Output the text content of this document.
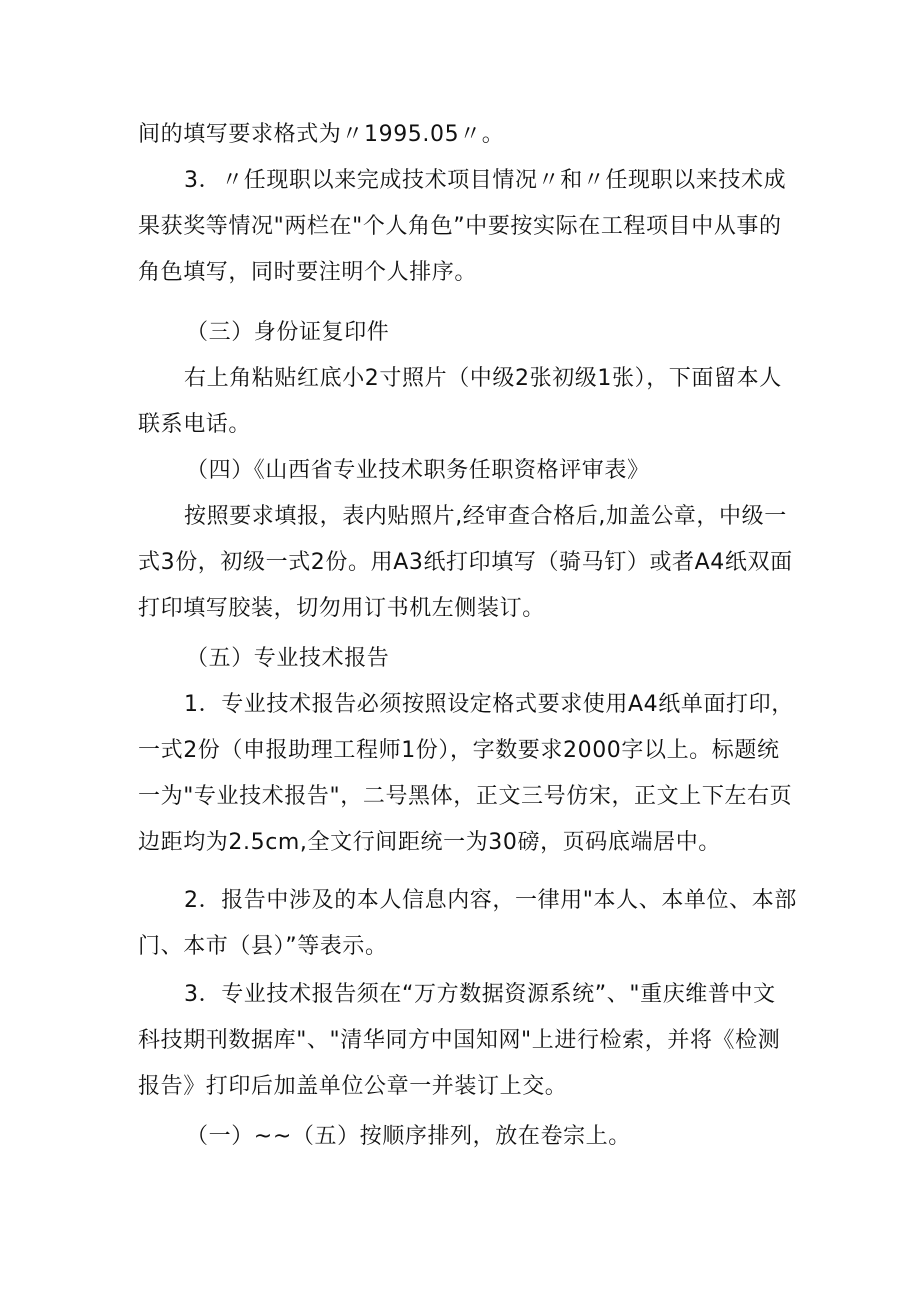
间的填写要求格式为〃1995.05〃。

3．〃任现职以来完成技术项目情况〃和〃任现职以来技术成果获奖等情况"两栏在"个人角色”中要按实际在工程项目中从事的角色填写，同时要注明个人排序。

（三）身份证复印件

右上角粘贴红底小2寸照片（中级2张初级1张），下面留本人联系电话。

（四）《山西省专业技术职务任职资格评审表》

按照要求填报，表内贴照片,经审查合格后,加盖公章，中级一式3份，初级一式2份。用A3纸打印填写（骑马钉）或者A4纸双面打印填写胶装，切勿用订书机左侧装订。

（五）专业技术报告

1．专业技术报告必须按照设定格式要求使用A4纸单面打印，一式2份（申报助理工程师1份），字数要求2000字以上。标题统一为"专业技术报告"，二号黑体，正文三号仿宋，正文上下左右页边距均为2.5cm,全文行间距统一为30磅，页码底端居中。

2．报告中涉及的本人信息内容，一律用"本人、本单位、本部门、本市（县）”等表示。

3．专业技术报告须在“万方数据资源系统”、"重庆维普中文科技期刊数据库"、"清华同方中国知网"上进行检索，并将《检测报告》打印后加盖单位公章一并装订上交。

（一）~~（五）按顺序排列，放在卷宗上。
